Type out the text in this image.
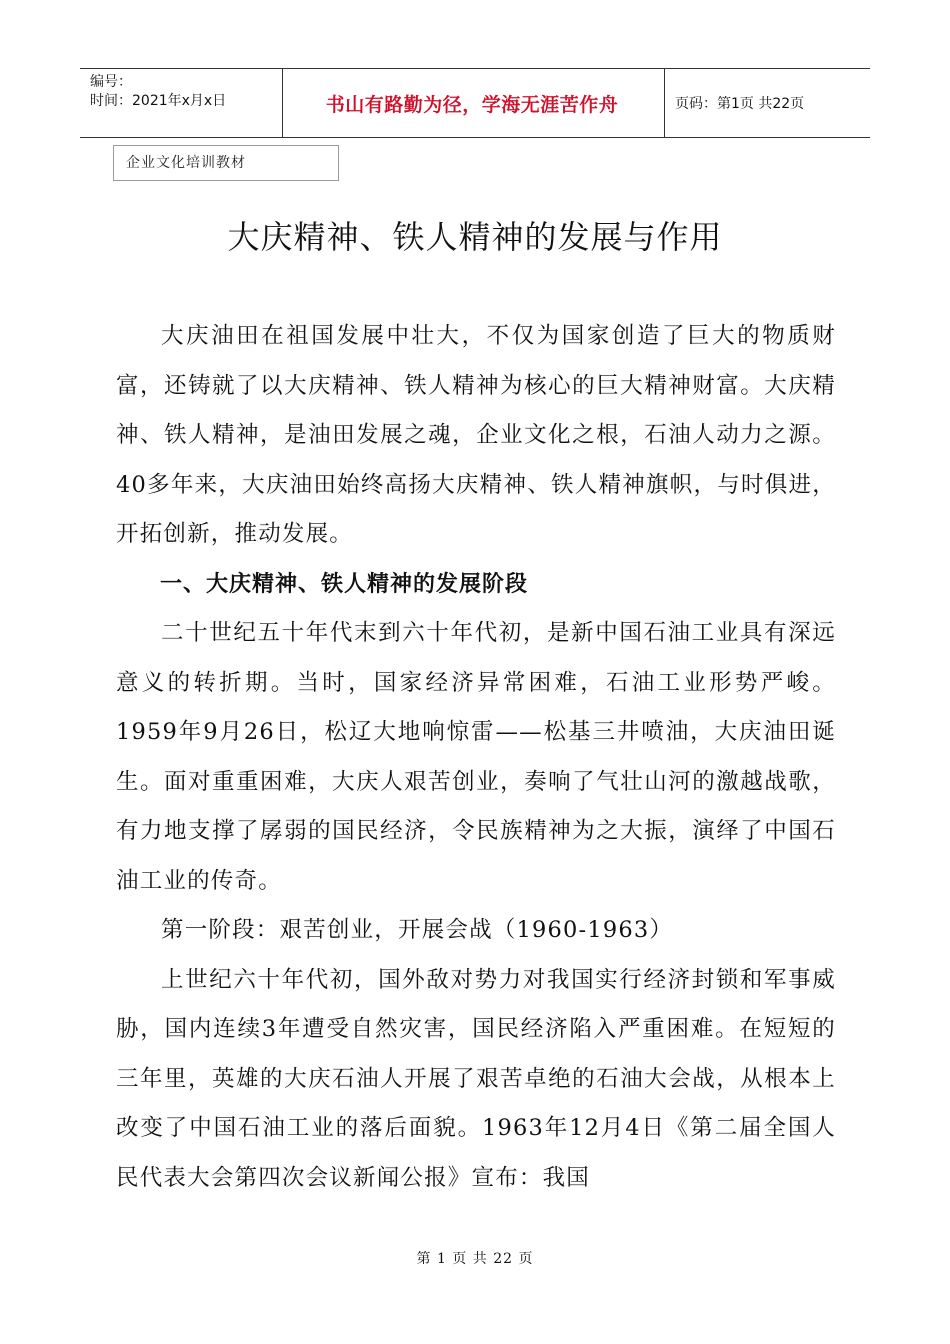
编号：
时间：2021年x月x日	书山有路勤为径，学海无涯苦作舟	页码：第1页 共22页
企业文化培训教材
大庆精神、铁人精神的发展与作用

大庆油田在祖国发展中壮大，不仅为国家创造了巨大的物质财富，还铸就了以大庆精神、铁人精神为核心的巨大精神财富。大庆精神、铁人精神，是油田发展之魂，企业文化之根，石油人动力之源。40多年来，大庆油田始终高扬大庆精神、铁人精神旗帜，与时俱进，开拓创新，推动发展。

一、大庆精神、铁人精神的发展阶段

二十世纪五十年代末到六十年代初，是新中国石油工业具有深远意义的转折期。当时，国家经济异常困难，石油工业形势严峻。1959年9月26日，松辽大地响惊雷——松基三井喷油，大庆油田诞生。面对重重困难，大庆人艰苦创业，奏响了气壮山河的激越战歌，有力地支撑了孱弱的国民经济，令民族精神为之大振，演绎了中国石油工业的传奇。

第一阶段：艰苦创业，开展会战（1960-1963）

上世纪六十年代初，国外敌对势力对我国实行经济封锁和军事威胁，国内连续3年遭受自然灾害，国民经济陷入严重困难。在短短的三年里，英雄的大庆石油人开展了艰苦卓绝的石油大会战，从根本上改变了中国石油工业的落后面貌。1963年12月4日《第二届全国人民代表大会第四次会议新闻公报》宣布：我国

第 1 页 共 22 页
